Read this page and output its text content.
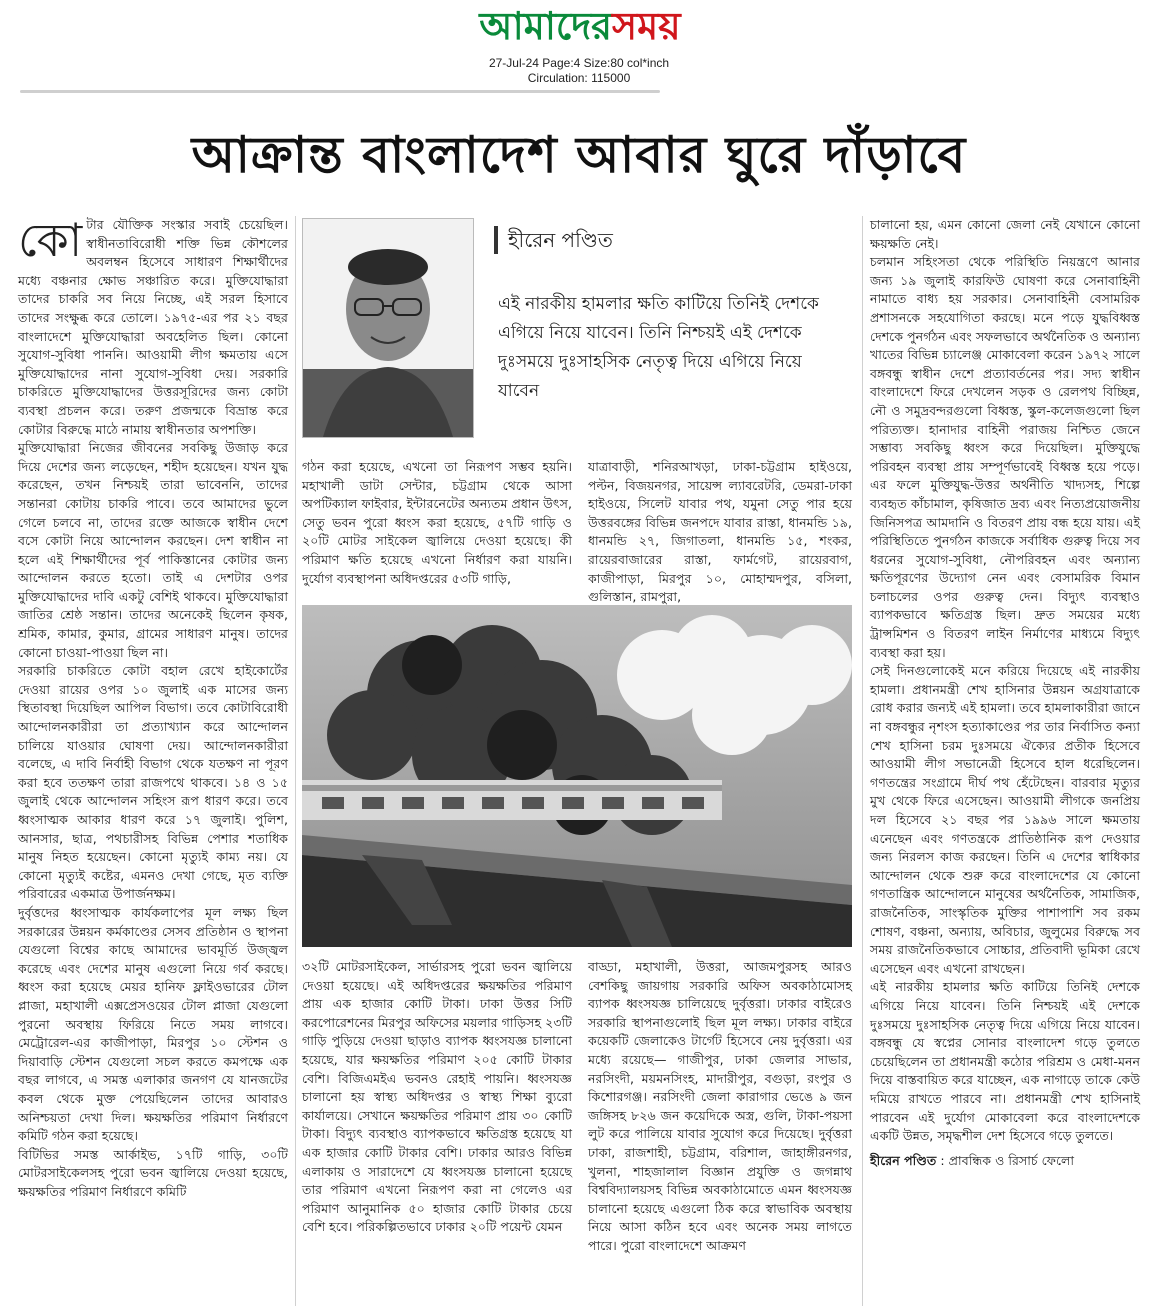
আমাদেরসময়
27-Jul-24 Page:4 Size:80 col*inch
Circulation: 115000
আক্রান্ত বাংলাদেশ আবার ঘুরে দাঁড়াবে

কোটার যৌক্তিক সংস্কার সবাই চেয়েছিল। স্বাধীনতাবিরোধী শক্তি ভিন্ন কৌশলের অবলম্বন হিসেবে সাধারণ শিক্ষার্থীদের মধ্যে বঞ্চনার ক্ষোভ সঞ্চারিত করে। মুক্তিযোদ্ধারা তাদের চাকরি সব নিয়ে নিচ্ছে, এই সরল হিসাবে তাদের সংক্ষুব্ধ করে তোলে। ১৯৭৫-এর পর ২১ বছর বাংলাদেশে মুক্তিযোদ্ধারা অবহেলিত ছিল। কোনো সুযোগ-সুবিধা পাননি। আওয়ামী লীগ ক্ষমতায় এসে মুক্তিযোদ্ধাদের নানা সুযোগ-সুবিধা দেয়। সরকারি চাকরিতে মুক্তিযোদ্ধাদের উত্তরসূরিদের জন্য কোটা ব্যবস্থা প্রচলন করে। তরুণ প্রজন্মকে বিভ্রান্ত করে কোটার বিরুদ্ধে মাঠে নামায় স্বাধীনতার অপশক্তি।

মুক্তিযোদ্ধারা নিজের জীবনের সবকিছু উজাড় করে দিয়ে দেশের জন্য লড়েছেন, শহীদ হয়েছেন। যখন যুদ্ধ করেছেন, তখন নিশ্চয়ই তারা ভাবেননি, তাদের সন্তানরা কোটায় চাকরি পাবে। তবে আমাদের ভুলে গেলে চলবে না, তাদের রক্তে আজকে স্বাধীন দেশে বসে কোটা নিয়ে আন্দোলন করছেন। দেশ স্বাধীন না হলে এই শিক্ষার্থীদের পূর্ব পাকিস্তানের কোটার জন্য আন্দোলন করতে হতো। তাই এ দেশটার ওপর মুক্তিযোদ্ধাদের দাবি একটু বেশিই থাকবে। মুক্তিযোদ্ধারা জাতির শ্রেষ্ঠ সন্তান। তাদের অনেকেই ছিলেন কৃষক, শ্রমিক, কামার, কুমার, গ্রামের সাধারণ মানুষ। তাদের কোনো চাওয়া-পাওয়া ছিল না।

সরকারি চাকরিতে কোটা বহাল রেখে হাইকোর্টের দেওয়া রায়ের ওপর ১০ জুলাই এক মাসের জন্য স্থিতাবস্থা দিয়েছিল আপিল বিভাগ। তবে কোটাবিরোধী আন্দোলনকারীরা তা প্রত্যাখ্যান করে আন্দোলন চালিয়ে যাওয়ার ঘোষণা দেয়। আন্দোলনকারীরা বলেছে, এ দাবি নির্বাহী বিভাগ থেকে যতক্ষণ না পূরণ করা হবে ততক্ষণ তারা রাজপথে থাকবে। ১৪ ও ১৫ জুলাই থেকে আন্দোলন সহিংস রূপ ধারণ করে। তবে ধ্বংসাত্মক আকার ধারণ করে ১৭ জুলাই। পুলিশ, আনসার, ছাত্র, পথচারীসহ বিভিন্ন পেশার শতাধিক মানুষ নিহত হয়েছেন। কোনো মৃত্যুই কাম্য নয়। যে কোনো মৃত্যুই কষ্টের, এমনও দেখা গেছে, মৃত ব্যক্তি পরিবারের একমাত্র উপার্জনক্ষম।

দুর্বৃত্তদের ধ্বংসাত্মক কার্যকলাপের মূল লক্ষ্য ছিল সরকারের উন্নয়ন কর্মকাণ্ডের সেসব প্রতিষ্ঠান ও স্থাপনা যেগুলো বিশ্বের কাছে আমাদের ভাবমূর্তি উজ্জ্বল করেছে এবং দেশের মানুষ এগুলো নিয়ে গর্ব করছে। ধ্বংস করা হয়েছে মেয়র হানিফ ফ্লাইওভারের টোল প্লাজা, মহাখালী এক্সপ্রেসওয়ের টোল প্লাজা যেগুলো পুরনো অবস্থায় ফিরিয়ে নিতে সময় লাগবে। মেট্রোরেল-এর কাজীপাড়া, মিরপুর ১০ স্টেশন ও দিয়াবাড়ি স্টেশন যেগুলো সচল করতে কমপক্ষে এক বছর লাগবে, এ সমস্ত এলাকার জনগণ যে যানজটের কবল থেকে মুক্ত পেয়েছিলেন তাদের আবারও অনিশ্চয়তা দেখা দিল। ক্ষয়ক্ষতির পরিমাণ নির্ধারণে কমিটি গঠন করা হয়েছে।

বিটিভির সমস্ত আর্কাইভ, ১৭টি গাড়ি, ৩০টি মোটরসাইকেলসহ পুরো ভবন জ্বালিয়ে দেওয়া হয়েছে, ক্ষয়ক্ষতির পরিমাণ নির্ধারণে কমিটি

হীরেন পণ্ডিত
এই নারকীয় হামলার ক্ষতি কাটিয়ে তিনিই দেশকে এগিয়ে নিয়ে যাবেন। তিনি নিশ্চয়ই এই দেশকে দুঃসময়ে দুঃসাহসিক নেতৃত্ব দিয়ে এগিয়ে নিয়ে যাবেন

গঠন করা হয়েছে, এখনো তা নিরূপণ সম্ভব হয়নি। মহাখালী ডাটা সেন্টার, চট্টগ্রাম থেকে আসা অপটিক্যাল ফাইবার, ইন্টারনেটের অন্যতম প্রধান উৎস, সেতু ভবন পুরো ধ্বংস করা হয়েছে, ৫৭টি গাড়ি ও ২০টি মোটর সাইকেল জ্বালিয়ে দেওয়া হয়েছে। কী পরিমাণ ক্ষতি হয়েছে এখনো নির্ধারণ করা যায়নি। দুর্যোগ ব্যবস্থাপনা অধিদপ্তরের ৫৩টি গাড়ি,

যাত্রাবাড়ী, শনিরআখড়া, ঢাকা-চট্টগ্রাম হাইওয়ে, পল্টন, বিজয়নগর, সায়েন্স ল্যাবরেটরি, ডেমরা-ঢাকা হাইওয়ে, সিলেট যাবার পথ, যমুনা সেতু পার হয়ে উত্তরবঙ্গের বিভিন্ন জনপদে যাবার রাস্তা, ধানমন্ডি ১৯, ধানমন্ডি ২৭, জিগাতলা, ধানমন্ডি ১৫, শংকর, রায়েরবাজারের রাস্তা, ফার্মগেট, রায়েরবাগ, কাজীপাড়া, মিরপুর ১০, মোহাম্মদপুর, বসিলা, গুলিস্তান, রামপুরা,

৩২টি মোটরসাইকেল, সার্ভারসহ পুরো ভবন জ্বালিয়ে দেওয়া হয়েছে। এই অধিদপ্তরের ক্ষয়ক্ষতির পরিমাণ প্রায় এক হাজার কোটি টাকা। ঢাকা উত্তর সিটি করপোরেশনের মিরপুর অফিসের ময়লার গাড়িসহ ২৩টি গাড়ি পুড়িয়ে দেওয়া ছাড়াও ব্যাপক ধ্বংসযজ্ঞ চালানো হয়েছে, যার ক্ষয়ক্ষতির পরিমাণ ২০৫ কোটি টাকার বেশি। বিজিএমইএ ভবনও রেহাই পায়নি। ধ্বংসযজ্ঞ চালানো হয় স্বাস্থ্য অধিদপ্তর ও স্বাস্থ্য শিক্ষা ব্যুরো কার্যালয়ে। সেখানে ক্ষয়ক্ষতির পরিমাণ প্রায় ৩০ কোটি টাকা। বিদ্যুৎ ব্যবস্থাও ব্যাপকভাবে ক্ষতিগ্রস্ত হয়েছে যা এক হাজার কোটি টাকার বেশি। ঢাকার আরও বিভিন্ন এলাকায় ও সারাদেশে যে ধ্বংসযজ্ঞ চালানো হয়েছে তার পরিমাণ এখনো নিরূপণ করা না গেলেও এর পরিমাণ আনুমানিক ৫০ হাজার কোটি টাকার চেয়ে বেশি হবে। পরিকল্পিতভাবে ঢাকার ২০টি পয়েন্ট যেমন

বাড্ডা, মহাখালী, উত্তরা, আজমপুরসহ আরও বেশকিছু জায়গায় সরকারি অফিস অবকাঠামোসহ ব্যাপক ধ্বংসযজ্ঞ চালিয়েছে দুর্বৃত্তরা। ঢাকার বাইরেও সরকারি স্থাপনাগুলোই ছিল মূল লক্ষ্য। ঢাকার বাইরে কয়েকটি জেলাকেও টার্গেট হিসেবে নেয় দুর্বৃত্তরা। এর মধ্যে রয়েছে— গাজীপুর, ঢাকা জেলার সাভার, নরসিংদী, ময়মনসিংহ, মাদারীপুর, বগুড়া, রংপুর ও কিশোরগঞ্জ। নরসিংদী জেলা কারাগার ভেঙে ৯ জন জঙ্গিসহ ৮২৬ জন কয়েদিকে অস্ত্র, গুলি, টাকা-পয়সা লুট করে পালিয়ে যাবার সুযোগ করে দিয়েছে। দুর্বৃত্তরা ঢাকা, রাজশাহী, চট্টগ্রাম, বরিশাল, জাহাঙ্গীরনগর, খুলনা, শাহজালাল বিজ্ঞান প্রযুক্তি ও জগন্নাথ বিশ্ববিদ্যালয়সহ বিভিন্ন অবকাঠামোতে এমন ধ্বংসযজ্ঞ চালানো হয়েছে এগুলো ঠিক করে স্বাভাবিক অবস্থায় নিয়ে আসা কঠিন হবে এবং অনেক সময় লাগতে পারে। পুরো বাংলাদেশে আক্রমণ

চালানো হয়, এমন কোনো জেলা নেই যেখানে কোনো ক্ষয়ক্ষতি নেই।

চলমান সহিংসতা থেকে পরিস্থিতি নিয়ন্ত্রণে আনার জন্য ১৯ জুলাই কারফিউ ঘোষণা করে সেনাবাহিনী নামাতে বাধ্য হয় সরকার। সেনাবাহিনী বেসামরিক প্রশাসনকে সহযোগিতা করছে। মনে পড়ে যুদ্ধবিধ্বস্ত দেশকে পুনর্গঠন এবং সফলভাবে অর্থনৈতিক ও অন্যান্য খাতের বিভিন্ন চ্যালেঞ্জ মোকাবেলা করেন ১৯৭২ সালে বঙ্গবন্ধু স্বাধীন দেশে প্রত্যাবর্তনের পর। সদ্য স্বাধীন বাংলাদেশে ফিরে দেখলেন সড়ক ও রেলপথ বিচ্ছিন্ন, নৌ ও সমুদ্রবন্দরগুলো বিধ্বস্ত, স্কুল-কলেজগুলো ছিল পরিত্যক্ত। হানাদার বাহিনী পরাজয় নিশ্চিত জেনে সম্ভাব্য সবকিছু ধ্বংস করে দিয়েছিল। মুক্তিযুদ্ধে পরিবহন ব্যবস্থা প্রায় সম্পূর্ণভাবেই বিধ্বস্ত হয়ে পড়ে। এর ফলে মুক্তিযুদ্ধ-উত্তর অর্থনীতি খাদ্যসহ, শিল্পে ব্যবহৃত কাঁচামাল, কৃষিজাত দ্রব্য এবং নিত্যপ্রয়োজনীয় জিনিসপত্র আমদানি ও বিতরণ প্রায় বন্ধ হয়ে যায়। এই পরিস্থিতিতে পুনর্গঠন কাজকে সর্বাধিক গুরুত্ব দিয়ে সব ধরনের সুযোগ-সুবিধা, নৌপরিবহন এবং অন্যান্য ক্ষতিপূরণের উদ্যোগ নেন এবং বেসামরিক বিমান চলাচলের ওপর গুরুত্ব দেন। বিদ্যুৎ ব্যবস্থাও ব্যাপকভাবে ক্ষতিগ্রস্ত ছিল। দ্রুত সময়ের মধ্যে ট্রান্সমিশন ও বিতরণ লাইন নির্মাণের মাধ্যমে বিদ্যুৎ ব্যবস্থা করা হয়।

সেই দিনগুলোকেই মনে করিয়ে দিয়েছে এই নারকীয় হামলা। প্রধানমন্ত্রী শেখ হাসিনার উন্নয়ন অগ্রযাত্রাকে রোধ করার জন্যই এই হামলা। তবে হামলাকারীরা জানে না বঙ্গবন্ধুর নৃশংস হত্যাকাণ্ডের পর তার নির্বাসিত কন্যা শেখ হাসিনা চরম দুঃসময়ে ঐক্যের প্রতীক হিসেবে আওয়ামী লীগ সভানেত্রী হিসেবে হাল ধরেছিলেন। গণতন্ত্রের সংগ্রামে দীর্ঘ পথ হেঁটেছেন। বারবার মৃত্যুর মুখ থেকে ফিরে এসেছেন। আওয়ামী লীগকে জনপ্রিয় দল হিসেবে ২১ বছর পর ১৯৯৬ সালে ক্ষমতায় এনেছেন এবং গণতন্ত্রকে প্রাতিষ্ঠানিক রূপ দেওয়ার জন্য নিরলস কাজ করছেন। তিনি এ দেশের স্বাধিকার আন্দোলন থেকে শুরু করে বাংলাদেশের যে কোনো গণতান্ত্রিক আন্দোলনে মানুষের অর্থনৈতিক, সামাজিক, রাজনৈতিক, সাংস্কৃতিক মুক্তির পাশাপাশি সব রকম শোষণ, বঞ্চনা, অন্যায়, অবিচার, জুলুমের বিরুদ্ধে সব সময় রাজনৈতিকভাবে সোচ্চার, প্রতিবাদী ভূমিকা রেখে এসেছেন এবং এখনো রাখছেন।

এই নারকীয় হামলার ক্ষতি কাটিয়ে তিনিই দেশকে এগিয়ে নিয়ে যাবেন। তিনি নিশ্চয়ই এই দেশকে দুঃসময়ে দুঃসাহসিক নেতৃত্ব দিয়ে এগিয়ে নিয়ে যাবেন। বঙ্গবন্ধু যে স্বপ্নের সোনার বাংলাদেশ গড়ে তুলতে চেয়েছিলেন তা প্রধানমন্ত্রী কঠোর পরিশ্রম ও মেধা-মনন দিয়ে বাস্তবায়িত করে যাচ্ছেন, এক নাগাড়ে তাকে কেউ দমিয়ে রাখতে পারবে না। প্রধানমন্ত্রী শেখ হাসিনাই পারবেন এই দুর্যোগ মোকাবেলা করে বাংলাদেশকে একটি উন্নত, সমৃদ্ধশীল দেশ হিসেবে গড়ে তুলতে।

হীরেন পণ্ডিত : প্রাবন্ধিক ও রিসার্চ ফেলো
